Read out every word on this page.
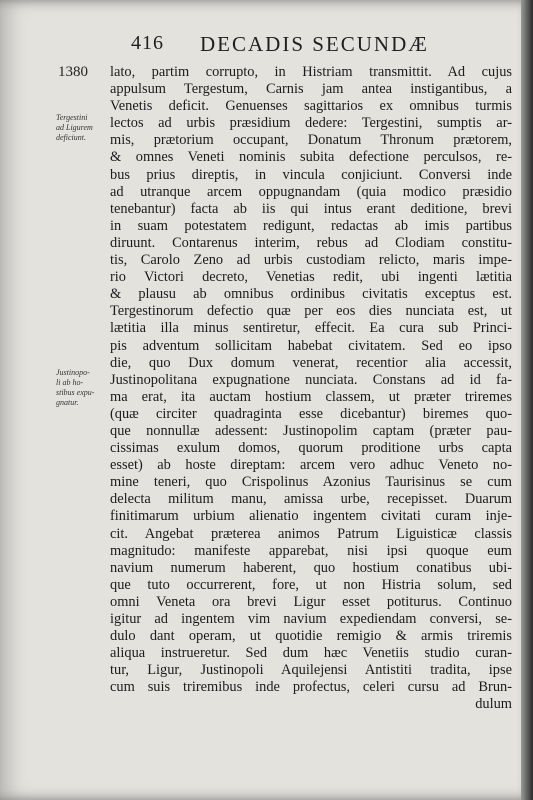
416 DECADIS SECUNDÆ
1380
Tergestini
ad Ligurem
deficiunt.
Justinopo-
li ab ho-
stibus expu-
gnatur.
lato, partim corrupto, in Histriam transmittit. Ad cujus
appulsum Tergestum, Carnis jam antea instigantibus, a
Venetis deficit. Genuenses sagittarios ex omnibus turmis
lectos ad urbis præsidium dedere: Tergestini, sumptis ar-
mis, prætorium occupant, Donatum Thronum prætorem,
& omnes Veneti nominis subita defectione perculsos, re-
bus prius direptis, in vincula conjiciunt. Conversi inde
ad utranque arcem oppugnandam (quia modico præsidio
tenebantur) facta ab iis qui intus erant deditione, brevi
in suam potestatem redigunt, redactas ab imis partibus
diruunt. Contarenus interim, rebus ad Clodiam constitu-
tis, Carolo Zeno ad urbis custodiam relicto, maris impe-
rio Victori decreto, Venetias redit, ubi ingenti lætitia
& plausu ab omnibus ordinibus civitatis exceptus est.
Tergestinorum defectio quæ per eos dies nunciata est, ut
lætitia illa minus sentiretur, effecit. Ea cura sub Princi-
pis adventum sollicitam habebat civitatem. Sed eo ipso
die, quo Dux domum venerat, recentior alia accessit,
Justinopolitana expugnatione nunciata. Constans ad id fa-
ma erat, ita auctam hostium classem, ut præter triremes
(quæ circiter quadraginta esse dicebantur) biremes quo-
que nonnullæ adessent: Justinopolim captam (præter pau-
cissimas exulum domos, quorum proditione urbs capta
esset) ab hoste direptam: arcem vero adhuc Veneto no-
mine teneri, quo Crispolinus Azonius Taurisinus se cum
delecta militum manu, amissa urbe, recepisset. Duarum
finitimarum urbium alienatio ingentem civitati curam inje-
cit. Angebat præterea animos Patrum Liguisticæ classis
magnitudo: manifeste apparebat, nisi ipsi quoque eum
navium numerum haberent, quo hostium conatibus ubi-
que tuto occurrerent, fore, ut non Histria solum, sed
omni Veneta ora brevi Ligur esset potiturus. Continuo
igitur ad ingentem vim navium expediendam conversi, se-
dulo dant operam, ut quotidie remigio & armis triremis
aliqua instrueretur. Sed dum hæc Venetiis studio curan-
tur, Ligur, Justinopoli Aquilejensi Antistiti tradita, ipse
cum suis triremibus inde profectus, celeri cursu ad Brun-
dulum
